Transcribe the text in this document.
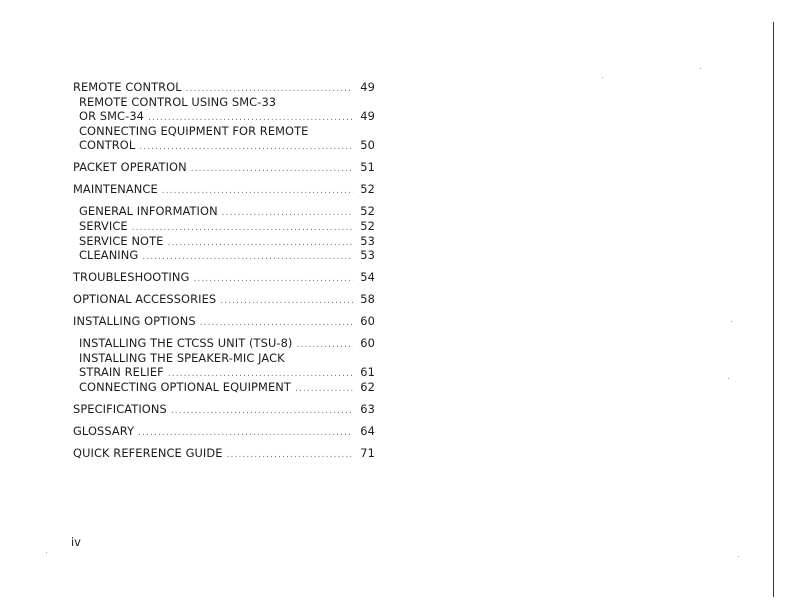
REMOTE CONTROL .....	49
REMOTE CONTROL USING SMC-33
OR SMC-34 .....	49
CONNECTING EQUIPMENT FOR REMOTE
CONTROL .....	50
PACKET OPERATION .....	51
MAINTENANCE .....	52
GENERAL INFORMATION .....	52
SERVICE .....	52
SERVICE NOTE .....	53
CLEANING .....	53
TROUBLESHOOTING .....	54
OPTIONAL ACCESSORIES .....	58
INSTALLING OPTIONS .....	60
INSTALLING THE CTCSS UNIT (TSU-8) .....	60
INSTALLING THE SPEAKER-MIC JACK
STRAIN RELIEF .....	61
CONNECTING OPTIONAL EQUIPMENT .....	62
SPECIFICATIONS .....	63
GLOSSARY .....	64
QUICK REFERENCE GUIDE .....	71
iv
